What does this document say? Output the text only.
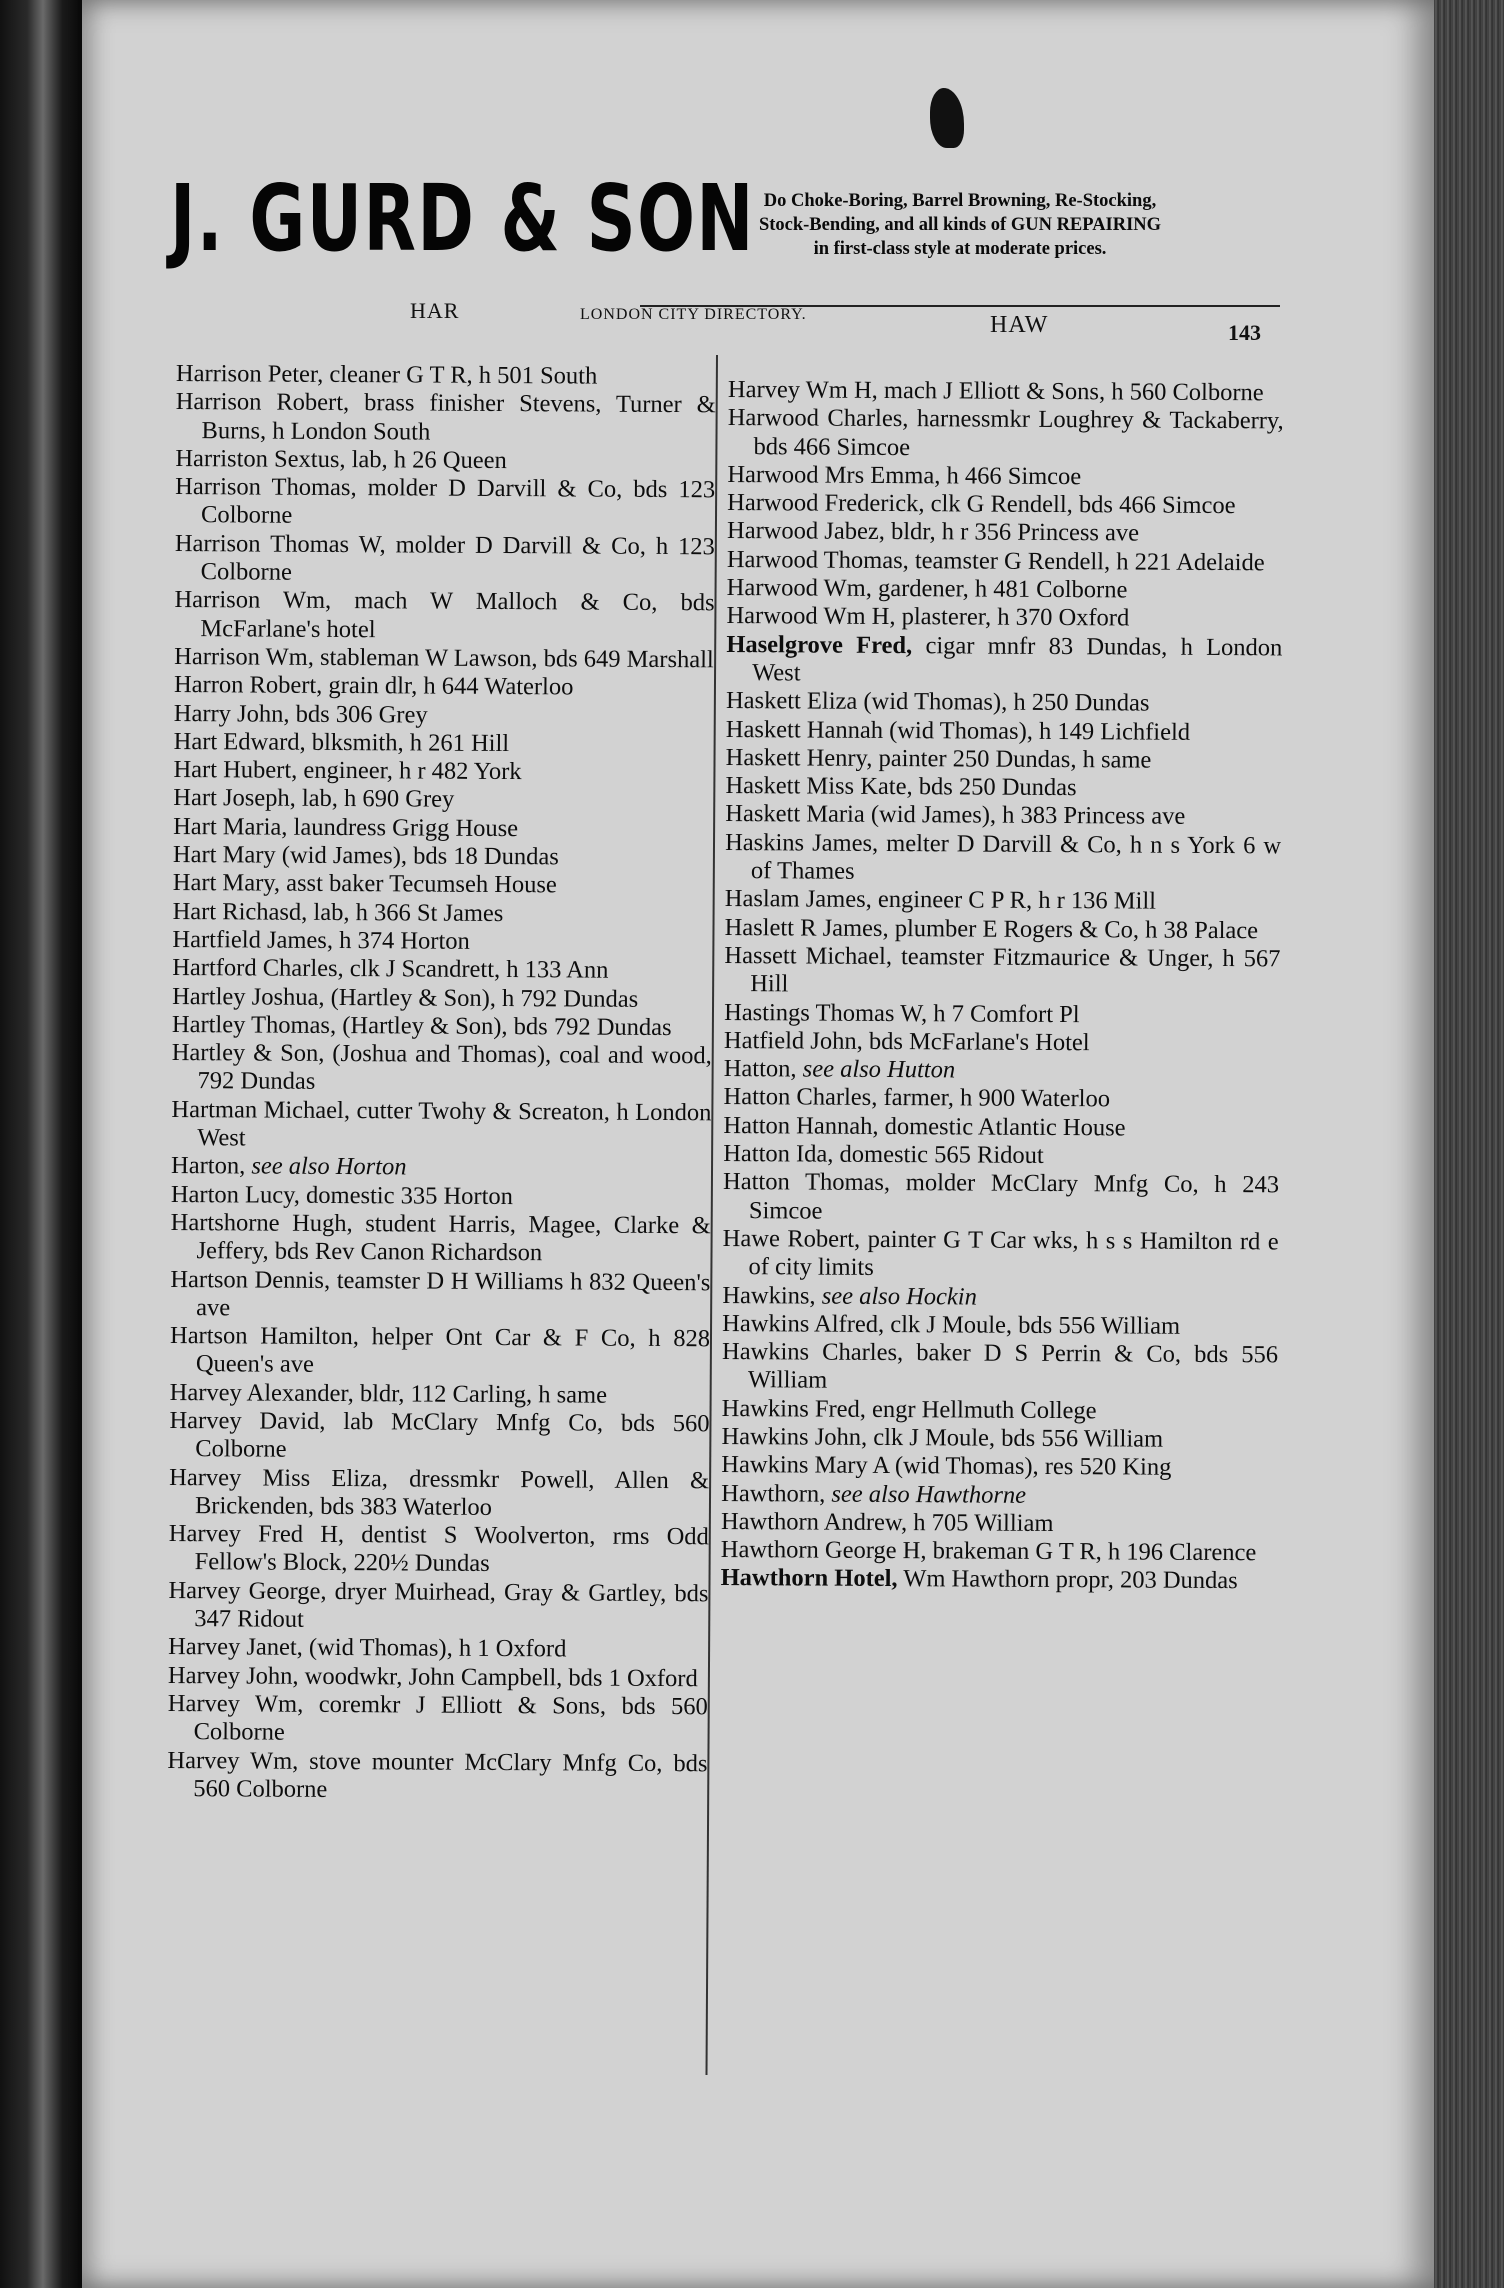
J. GURD & SON Do Choke-Boring, Barrel Browning, Re-Stocking,
Stock-Bending, and all kinds of GUN REPAIRING
in first-class style at moderate prices.
HAR	LONDON CITY DIRECTORY.	HAW	143

Harrison Peter, cleaner G T R, h 501 South

Harrison Robert, brass finisher Stevens, Turner & Burns, h London South

Harriston Sextus, lab, h 26 Queen

Harrison Thomas, molder D Darvill & Co, bds 123 Colborne

Harrison Thomas W, molder D Darvill & Co, h 123 Colborne

Harrison Wm, mach W Malloch & Co, bds McFarlane's hotel

Harrison Wm, stableman W Lawson, bds 649 Marshall

Harron Robert, grain dlr, h 644 Waterloo

Harry John, bds 306 Grey

Hart Edward, blksmith, h 261 Hill

Hart Hubert, engineer, h r 482 York

Hart Joseph, lab, h 690 Grey

Hart Maria, laundress Grigg House

Hart Mary (wid James), bds 18 Dundas

Hart Mary, asst baker Tecumseh House

Hart Richasd, lab, h 366 St James

Hartfield James, h 374 Horton

Hartford Charles, clk J Scandrett, h 133 Ann

Hartley Joshua, (Hartley & Son), h 792 Dundas

Hartley Thomas, (Hartley & Son), bds 792 Dundas

Hartley & Son, (Joshua and Thomas), coal and wood, 792 Dundas

Hartman Michael, cutter Twohy & Screaton, h London West

Harton, see also Horton

Harton Lucy, domestic 335 Horton

Hartshorne Hugh, student Harris, Magee, Clarke & Jeffery, bds Rev Canon Richardson

Hartson Dennis, teamster D H Williams h 832 Queen's ave

Hartson Hamilton, helper Ont Car & F Co, h 828 Queen's ave

Harvey Alexander, bldr, 112 Carling, h same

Harvey David, lab McClary Mnfg Co, bds 560 Colborne

Harvey Miss Eliza, dressmkr Powell, Allen & Brickenden, bds 383 Waterloo

Harvey Fred H, dentist S Woolverton, rms Odd Fellow's Block, 220½ Dundas

Harvey George, dryer Muirhead, Gray & Gartley, bds 347 Ridout

Harvey Janet, (wid Thomas), h 1 Oxford

Harvey John, woodwkr, John Campbell, bds 1 Oxford

Harvey Wm, coremkr J Elliott & Sons, bds 560 Colborne

Harvey Wm, stove mounter McClary Mnfg Co, bds 560 Colborne

Harvey Wm H, mach J Elliott & Sons, h 560 Colborne

Harwood Charles, harnessmkr Loughrey & Tackaberry, bds 466 Simcoe

Harwood Mrs Emma, h 466 Simcoe

Harwood Frederick, clk G Rendell, bds 466 Simcoe

Harwood Jabez, bldr, h r 356 Princess ave

Harwood Thomas, teamster G Rendell, h 221 Adelaide

Harwood Wm, gardener, h 481 Colborne

Harwood Wm H, plasterer, h 370 Oxford

Haselgrove Fred, cigar mnfr 83 Dundas, h London West

Haskett Eliza (wid Thomas), h 250 Dundas

Haskett Hannah (wid Thomas), h 149 Lichfield

Haskett Henry, painter 250 Dundas, h same

Haskett Miss Kate, bds 250 Dundas

Haskett Maria (wid James), h 383 Princess ave

Haskins James, melter D Darvill & Co, h n s York 6 w of Thames

Haslam James, engineer C P R, h r 136 Mill

Haslett R James, plumber E Rogers & Co, h 38 Palace

Hassett Michael, teamster Fitzmaurice & Unger, h 567 Hill

Hastings Thomas W, h 7 Comfort Pl

Hatfield John, bds McFarlane's Hotel

Hatton, see also Hutton

Hatton Charles, farmer, h 900 Waterloo

Hatton Hannah, domestic Atlantic House

Hatton Ida, domestic 565 Ridout

Hatton Thomas, molder McClary Mnfg Co, h 243 Simcoe

Hawe Robert, painter G T Car wks, h s s Hamilton rd e of city limits

Hawkins, see also Hockin

Hawkins Alfred, clk J Moule, bds 556 William

Hawkins Charles, baker D S Perrin & Co, bds 556 William

Hawkins Fred, engr Hellmuth College

Hawkins John, clk J Moule, bds 556 William

Hawkins Mary A (wid Thomas), res 520 King

Hawthorn, see also Hawthorne

Hawthorn Andrew, h 705 William

Hawthorn George H, brakeman G T R, h 196 Clarence

Hawthorn Hotel, Wm Hawthorn propr, 203 Dundas
